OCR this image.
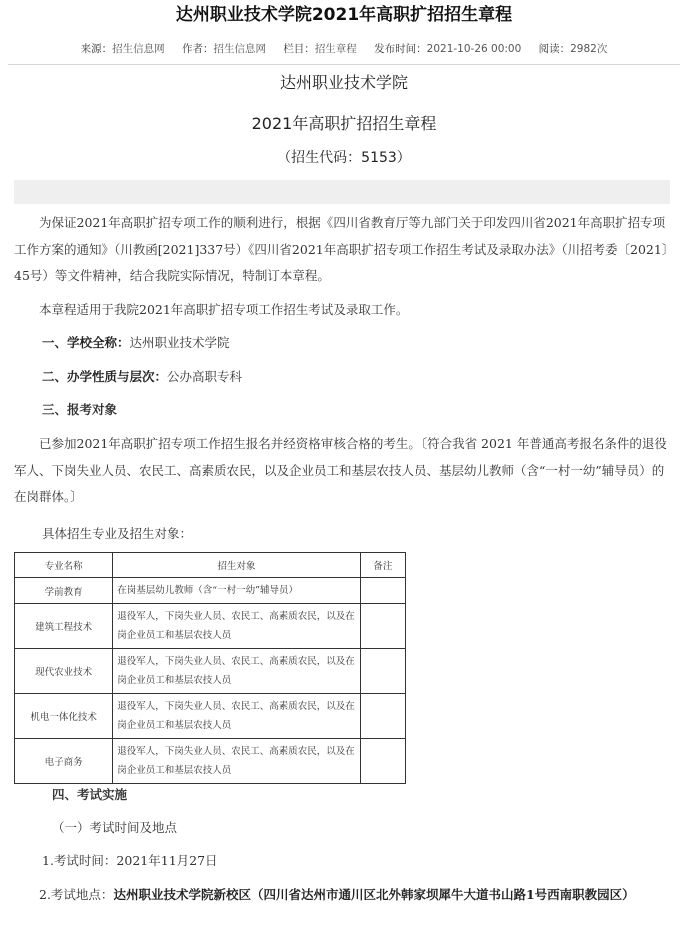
达州职业技术学院2021年高职扩招招生章程
来源：招生信息网 作者：招生信息网 栏目：招生章程 发布时间：2021-10-26 00:00 阅读：2982次
达州职业技术学院
2021年高职扩招招生章程
（招生代码：5153）

为保证2021年高职扩招专项工作的顺利进行，根据《四川省教育厅等九部门关于印发四川省2021年高职扩招专项工作方案的通知》（川教函[2021]337号）《四川省2021年高职扩招专项工作招生考试及录取办法》（川招考委〔2021〕45号）等文件精神，结合我院实际情况，特制订本章程。

本章程适用于我院2021年高职扩招专项工作招生考试及录取工作。

一、学校全称：达州职业技术学院
二、办学性质与层次：公办高职专科
三、报考对象

已参加2021年高职扩招专项工作招生报名并经资格审核合格的考生。〔符合我省 2021 年普通高考报名条件的退役军人、下岗失业人员、农民工、高素质农民，以及企业员工和基层农技人员、基层幼儿教师（含“一村一幼”辅导员）的在岗群体。〕

具体招生专业及招生对象：
专业名称	招生对象	备注
学前教育	在岗基层幼儿教师（含“一村一幼”辅导员）	
建筑工程技术	退役军人，下岗失业人员、农民工、高素质农民，以及在岗企业员工和基层农技人员	
现代农业技术	退役军人，下岗失业人员、农民工、高素质农民，以及在岗企业员工和基层农技人员	
机电一体化技术	退役军人，下岗失业人员、农民工、高素质农民，以及在岗企业员工和基层农技人员	
电子商务	退役军人，下岗失业人员、农民工、高素质农民，以及在岗企业员工和基层农技人员	
四、考试实施
（一）考试时间及地点
1.考试时间：2021年11月27日
2.考试地点：达州职业技术学院新校区（四川省达州市通川区北外韩家坝犀牛大道书山路1号西南职教园区）
